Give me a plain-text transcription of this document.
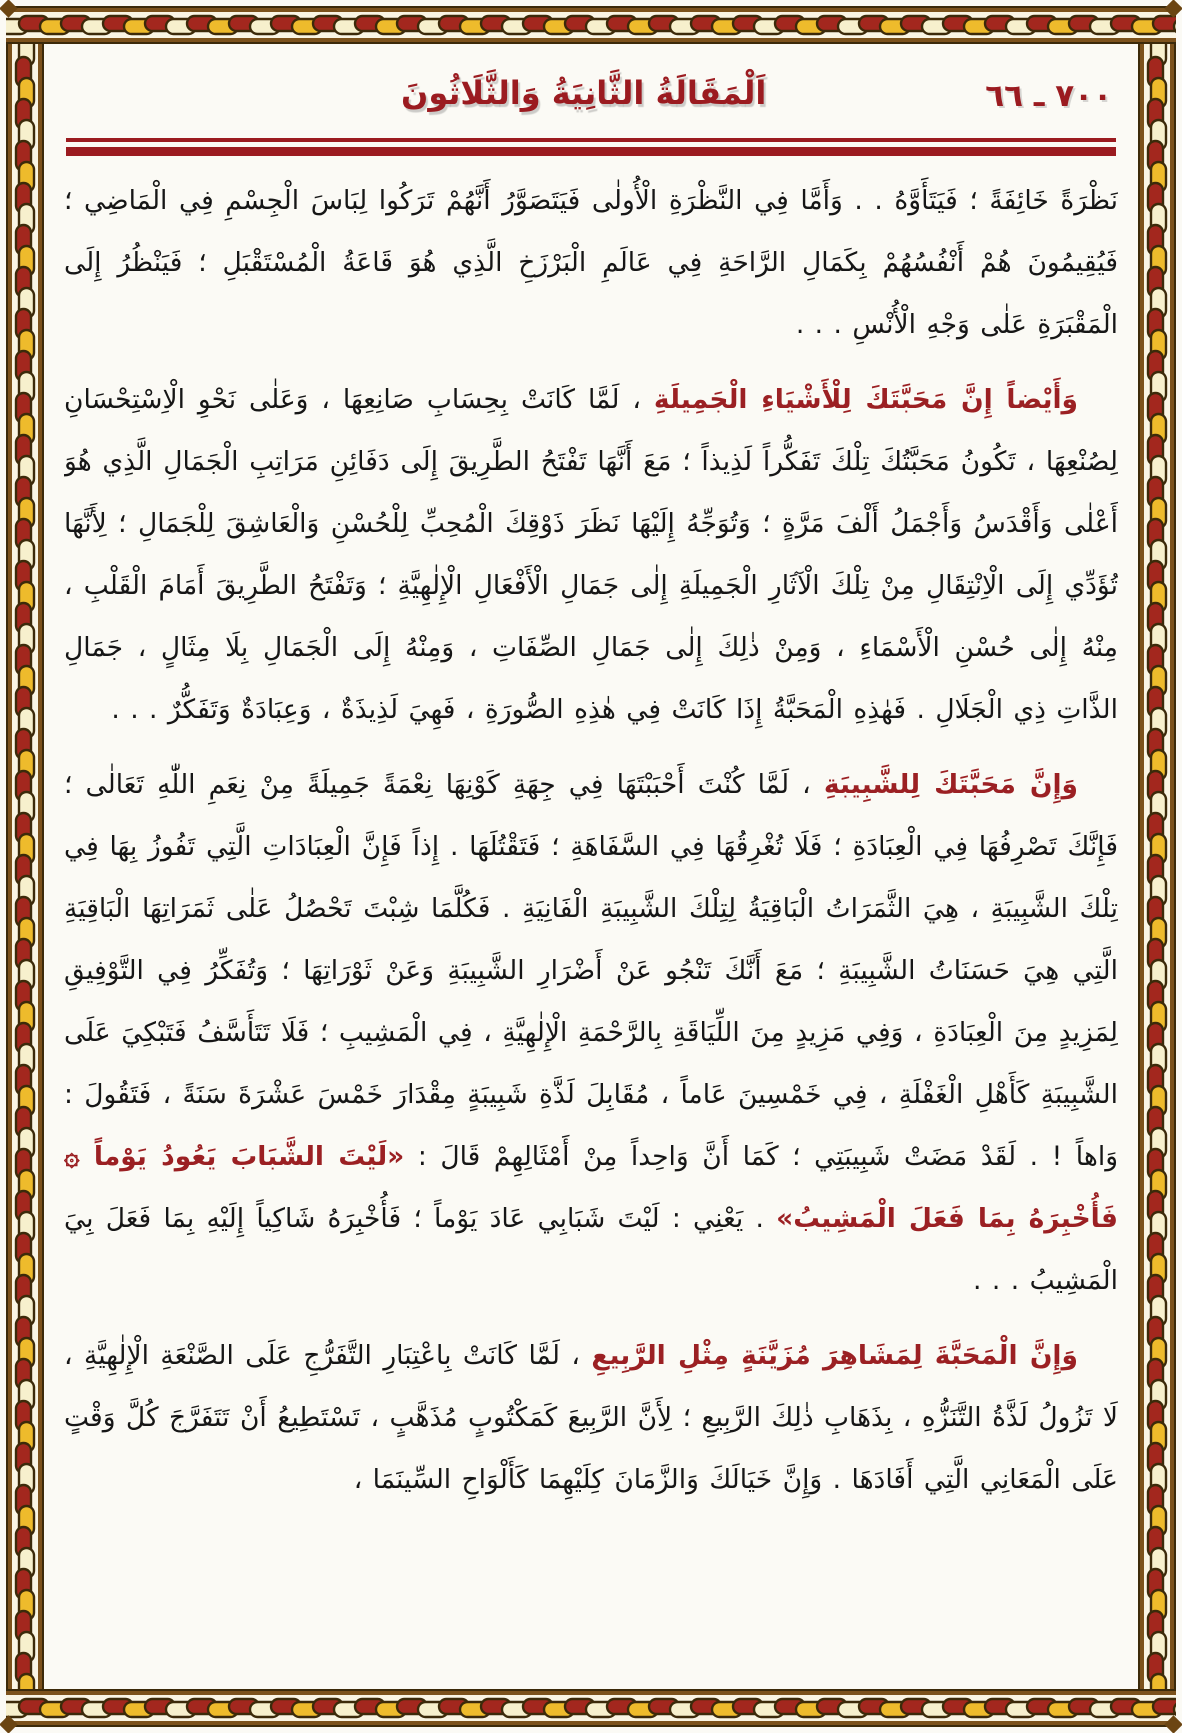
٧٠٠ ـ ٦٦
اَلْمَقَالَةُ الثَّانِيَةُ وَالثَّلَاثُونَ

نَظْرَةً خَائِفَةً ؛ فَيَتَأَوَّهُ . . وَأَمَّا فِي النَّظْرَةِ الْأُولٰى فَيَتَصَوَّرُ أَنَّهُمْ تَرَكُوا لِبَاسَ الْجِسْمِ فِي الْمَاضِي ؛ فَيُقِيمُونَ هُمْ أَنْفُسُهُمْ بِكَمَالِ الرَّاحَةِ فِي عَالَمِ الْبَرْزَخِ الَّذِي هُوَ قَاعَةُ الْمُسْتَقْبَلِ ؛ فَيَنْظُرُ إِلَى الْمَقْبَرَةِ عَلٰى وَجْهِ الْأُنْسِ . . .

وَأَيْضاً إِنَّ مَحَبَّتَكَ لِلْأَشْيَاءِ الْجَمِيلَةِ ، لَمَّا كَانَتْ بِحِسَابِ صَانِعِهَا ، وَعَلٰى نَحْوِ الْاِسْتِحْسَانِ لِصُنْعِهَا ، تَكُونُ مَحَبَّتُكَ تِلْكَ تَفَكُّراً لَذِيذاً ؛ مَعَ أَنَّهَا تَفْتَحُ الطَّرِيقَ إِلَى دَفَائِنِ مَرَاتِبِ الْجَمَالِ الَّذِي هُوَ أَعْلٰى وَأَقْدَسُ وَأَجْمَلُ أَلْفَ مَرَّةٍ ؛ وَتُوَجِّهُ إِلَيْهَا نَظَرَ ذَوْقِكَ الْمُحِبِّ لِلْحُسْنِ وَالْعَاشِقَ لِلْجَمَالِ ؛ لِأَنَّهَا تُؤَدِّي إِلَى الْاِنْتِقَالِ مِنْ تِلْكَ الْآثَارِ الْجَمِيلَةِ إِلٰى جَمَالِ الْأَفْعَالِ الْإِلٰهِيَّةِ ؛ وَتَفْتَحُ الطَّرِيقَ أَمَامَ الْقَلْبِ ، مِنْهُ إِلٰى حُسْنِ الْأَسْمَاءِ ، وَمِنْ ذٰلِكَ إِلٰى جَمَالِ الصِّفَاتِ ، وَمِنْهُ إِلَى الْجَمَالِ بِلَا مِثَالٍ ، جَمَالِ الذَّاتِ ذِي الْجَلَالِ . فَهٰذِهِ الْمَحَبَّةُ إِذَا كَانَتْ فِي هٰذِهِ الصُّورَةِ ، فَهِيَ لَذِيذَةٌ ، وَعِبَادَةٌ وَتَفَكُّرٌ . . .

وَإِنَّ مَحَبَّتَكَ لِلشَّبِيبَةِ ، لَمَّا كُنْتَ أَحْبَبْتَهَا فِي جِهَةِ كَوْنِهَا نِعْمَةً جَمِيلَةً مِنْ نِعَمِ اللّٰهِ تَعَالٰى ؛ فَإِنَّكَ تَصْرِفُهَا فِي الْعِبَادَةِ ؛ فَلَا تُغْرِقُهَا فِي السَّفَاهَةِ ؛ فَتَقْتُلَهَا . إِذاً فَإِنَّ الْعِبَادَاتِ الَّتِي تَفُوزُ بِهَا فِي تِلْكَ الشَّبِيبَةِ ، هِيَ الثَّمَرَاتُ الْبَاقِيَةُ لِتِلْكَ الشَّبِيبَةِ الْفَانِيَةِ . فَكُلَّمَا شِبْتَ تَحْصُلُ عَلٰى ثَمَرَاتِهَا الْبَاقِيَةِ الَّتِي هِيَ حَسَنَاتُ الشَّبِيبَةِ ؛ مَعَ أَنَّكَ تَنْجُو عَنْ أَضْرَارِ الشَّبِيبَةِ وَعَنْ ثَوْرَاتِهَا ؛ وَتُفَكِّرُ فِي التَّوْفِيقِ لِمَزِيدٍ مِنَ الْعِبَادَةِ ، وَفِي مَزِيدٍ مِنَ اللِّيَاقَةِ بِالرَّحْمَةِ الْإِلٰهِيَّةِ ، فِي الْمَشِيبِ ؛ فَلَا تَتَأَسَّفُ فَتَبْكِيَ عَلَى الشَّبِيبَةِ كَأَهْلِ الْغَفْلَةِ ، فِي خَمْسِينَ عَاماً ، مُقَابِلَ لَذَّةِ شَبِيبَةٍ مِقْدَارَ خَمْسَ عَشْرَةَ سَنَةً ، فَتَقُولَ : وَاهاً ! . لَقَدْ مَضَتْ شَبِيبَتِي ؛ كَمَا أَنَّ وَاحِداً مِنْ أَمْثَالِهِمْ قَالَ : «لَيْتَ الشَّبَابَ يَعُودُ يَوْماً ۞ فَأُخْبِرَهُ بِمَا فَعَلَ الْمَشِيبُ» . يَعْنِي : لَيْتَ شَبَابِي عَادَ يَوْماً ؛ فَأُخْبِرَهُ شَاكِياً إِلَيْهِ بِمَا فَعَلَ بِيَ الْمَشِيبُ . . .

وَإِنَّ الْمَحَبَّةَ لِمَشَاهِرَ مُزَيَّنَةٍ مِثْلِ الرَّبِيعِ ، لَمَّا كَانَتْ بِاعْتِبَارِ التَّفَرُّجِ عَلَى الصَّنْعَةِ الْإِلٰهِيَّةِ ، لَا تَزُولُ لَذَّةُ التَّنَزُّهِ ، بِذَهَابِ ذٰلِكَ الرَّبِيعِ ؛ لِأَنَّ الرَّبِيعَ كَمَكْتُوبٍ مُذَهَّبٍ ، تَسْتَطِيعُ أَنْ تَتَفَرَّجَ كُلَّ وَقْتٍ عَلَى الْمَعَانِي الَّتِي أَفَادَهَا . وَإِنَّ خَيَالَكَ وَالزَّمَانَ كِلَيْهِمَا كَأَلْوَاحِ السِّينَمَا ،
